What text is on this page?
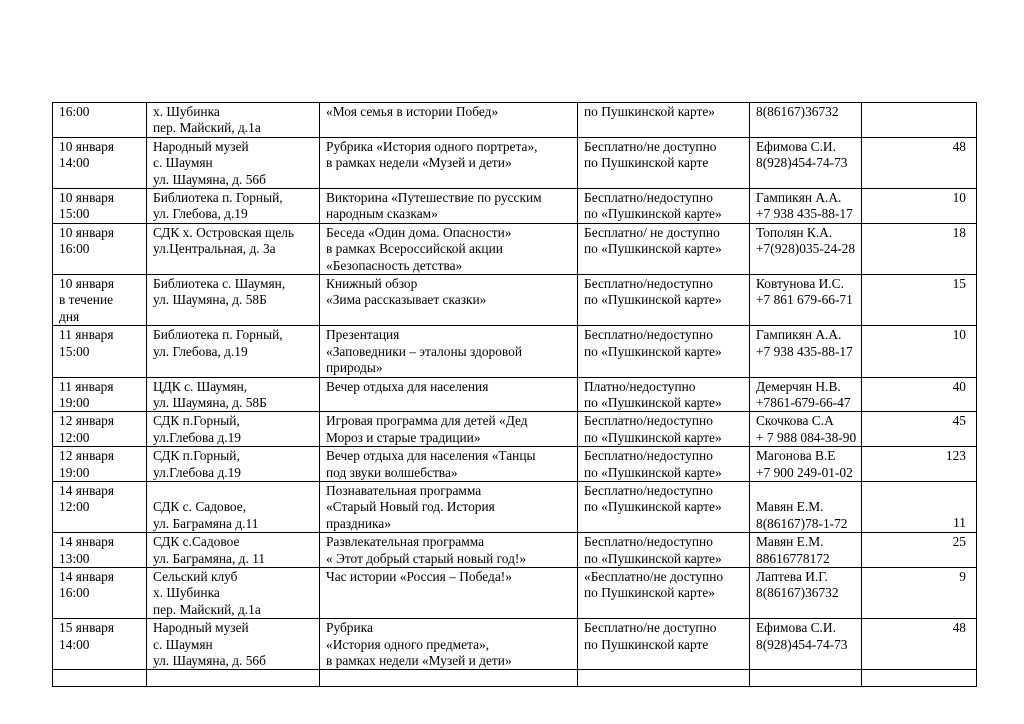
16:00	х. Шубинка
пер. Майский, д.1а	«Моя семья в истории Побед»	по Пушкинской карте»	8(86167)36732	

10 января
14:00	Народный музей
с. Шаумян
ул. Шаумяна, д. 56б	Рубрика «История одного портрета»,
в рамках недели «Музей и дети»	Бесплатно/не доступно
по Пушкинской карте	Ефимова С.И.
8(928)454-74-73	48

10 января
15:00	Библиотека п. Горный,
ул. Глебова, д.19	Викторина «Путешествие по русским
народным сказкам»	Бесплатно/недоступно
по «Пушкинской карте»	Гампикян А.А.
+7 938 435-88-17	10

10 января
16:00	СДК х. Островская щель
ул.Центральная, д. 3а	Беседа «Один дома. Опасности»
в рамках Всероссийской акции
«Безопасность детства»	Бесплатно/ не доступно
по «Пушкинской карте»	Тополян К.А.
+7(928)035-24-28	18

10 января
в течение
дня	Библиотека с. Шаумян,
ул. Шаумяна, д. 58Б	Книжный обзор
«Зима рассказывает сказки»	Бесплатно/недоступно
по «Пушкинской карте»	Ковтунова И.С.
+7 861 679-66-71	15

11 января
15:00	Библиотека п. Горный,
ул. Глебова, д.19	Презентация
«Заповедники – эталоны здоровой
природы»	Бесплатно/недоступно
по «Пушкинской карте»	Гампикян А.А.
+7 938 435-88-17	10

11 января
19:00	ЦДК с. Шаумян,
ул. Шаумяна, д. 58Б	Вечер отдыха для населения	Платно/недоступно
по «Пушкинской карте»	Демерчян Н.В.
+7861-679-66-47	40

12 января
12:00	СДК п.Горный,
ул.Глебова д.19	Игровая программа для детей «Дед
Мороз и старые традиции»	Бесплатно/недоступно
по «Пушкинской карте»	Скочкова С.А
+ 7 988 084-38-90	45

12 января
19:00	СДК п.Горный,
ул.Глебова д.19	Вечер отдыха для населения «Танцы
под звуки волшебства»	Бесплатно/недоступно
по «Пушкинской карте»	Магонова В.Е
+7 900 249-01-02	123

14 января
12:00	СДК с. Садовое,
ул. Баграмяна д.11	Познавательная программа
«Старый Новый год. История
праздника»	Бесплатно/недоступно
по «Пушкинской карте»	Мавян Е.М.
8(86167)78-1-72	11

14 января
13:00	СДК с.Садовое
ул. Баграмяна, д. 11	Развлекательная программа
« Этот добрый старый новый год!»	Бесплатно/недоступно
по «Пушкинской карте»	Мавян Е.М.
88616778172	25

14 января
16:00	Сельский клуб
х. Шубинка
пер. Майский, д.1а	Час истории «Россия – Победа!»	«Бесплатно/не доступно
по Пушкинской карте»	Лаптева И.Г.
8(86167)36732	9

15 января
14:00	Народный музей
с. Шаумян
ул. Шаумяна, д. 56б	Рубрика
«История одного предмета»,
в рамках недели «Музей и дети»	Бесплатно/не доступно
по Пушкинской карте	Ефимова С.И.
8(928)454-74-73	48
